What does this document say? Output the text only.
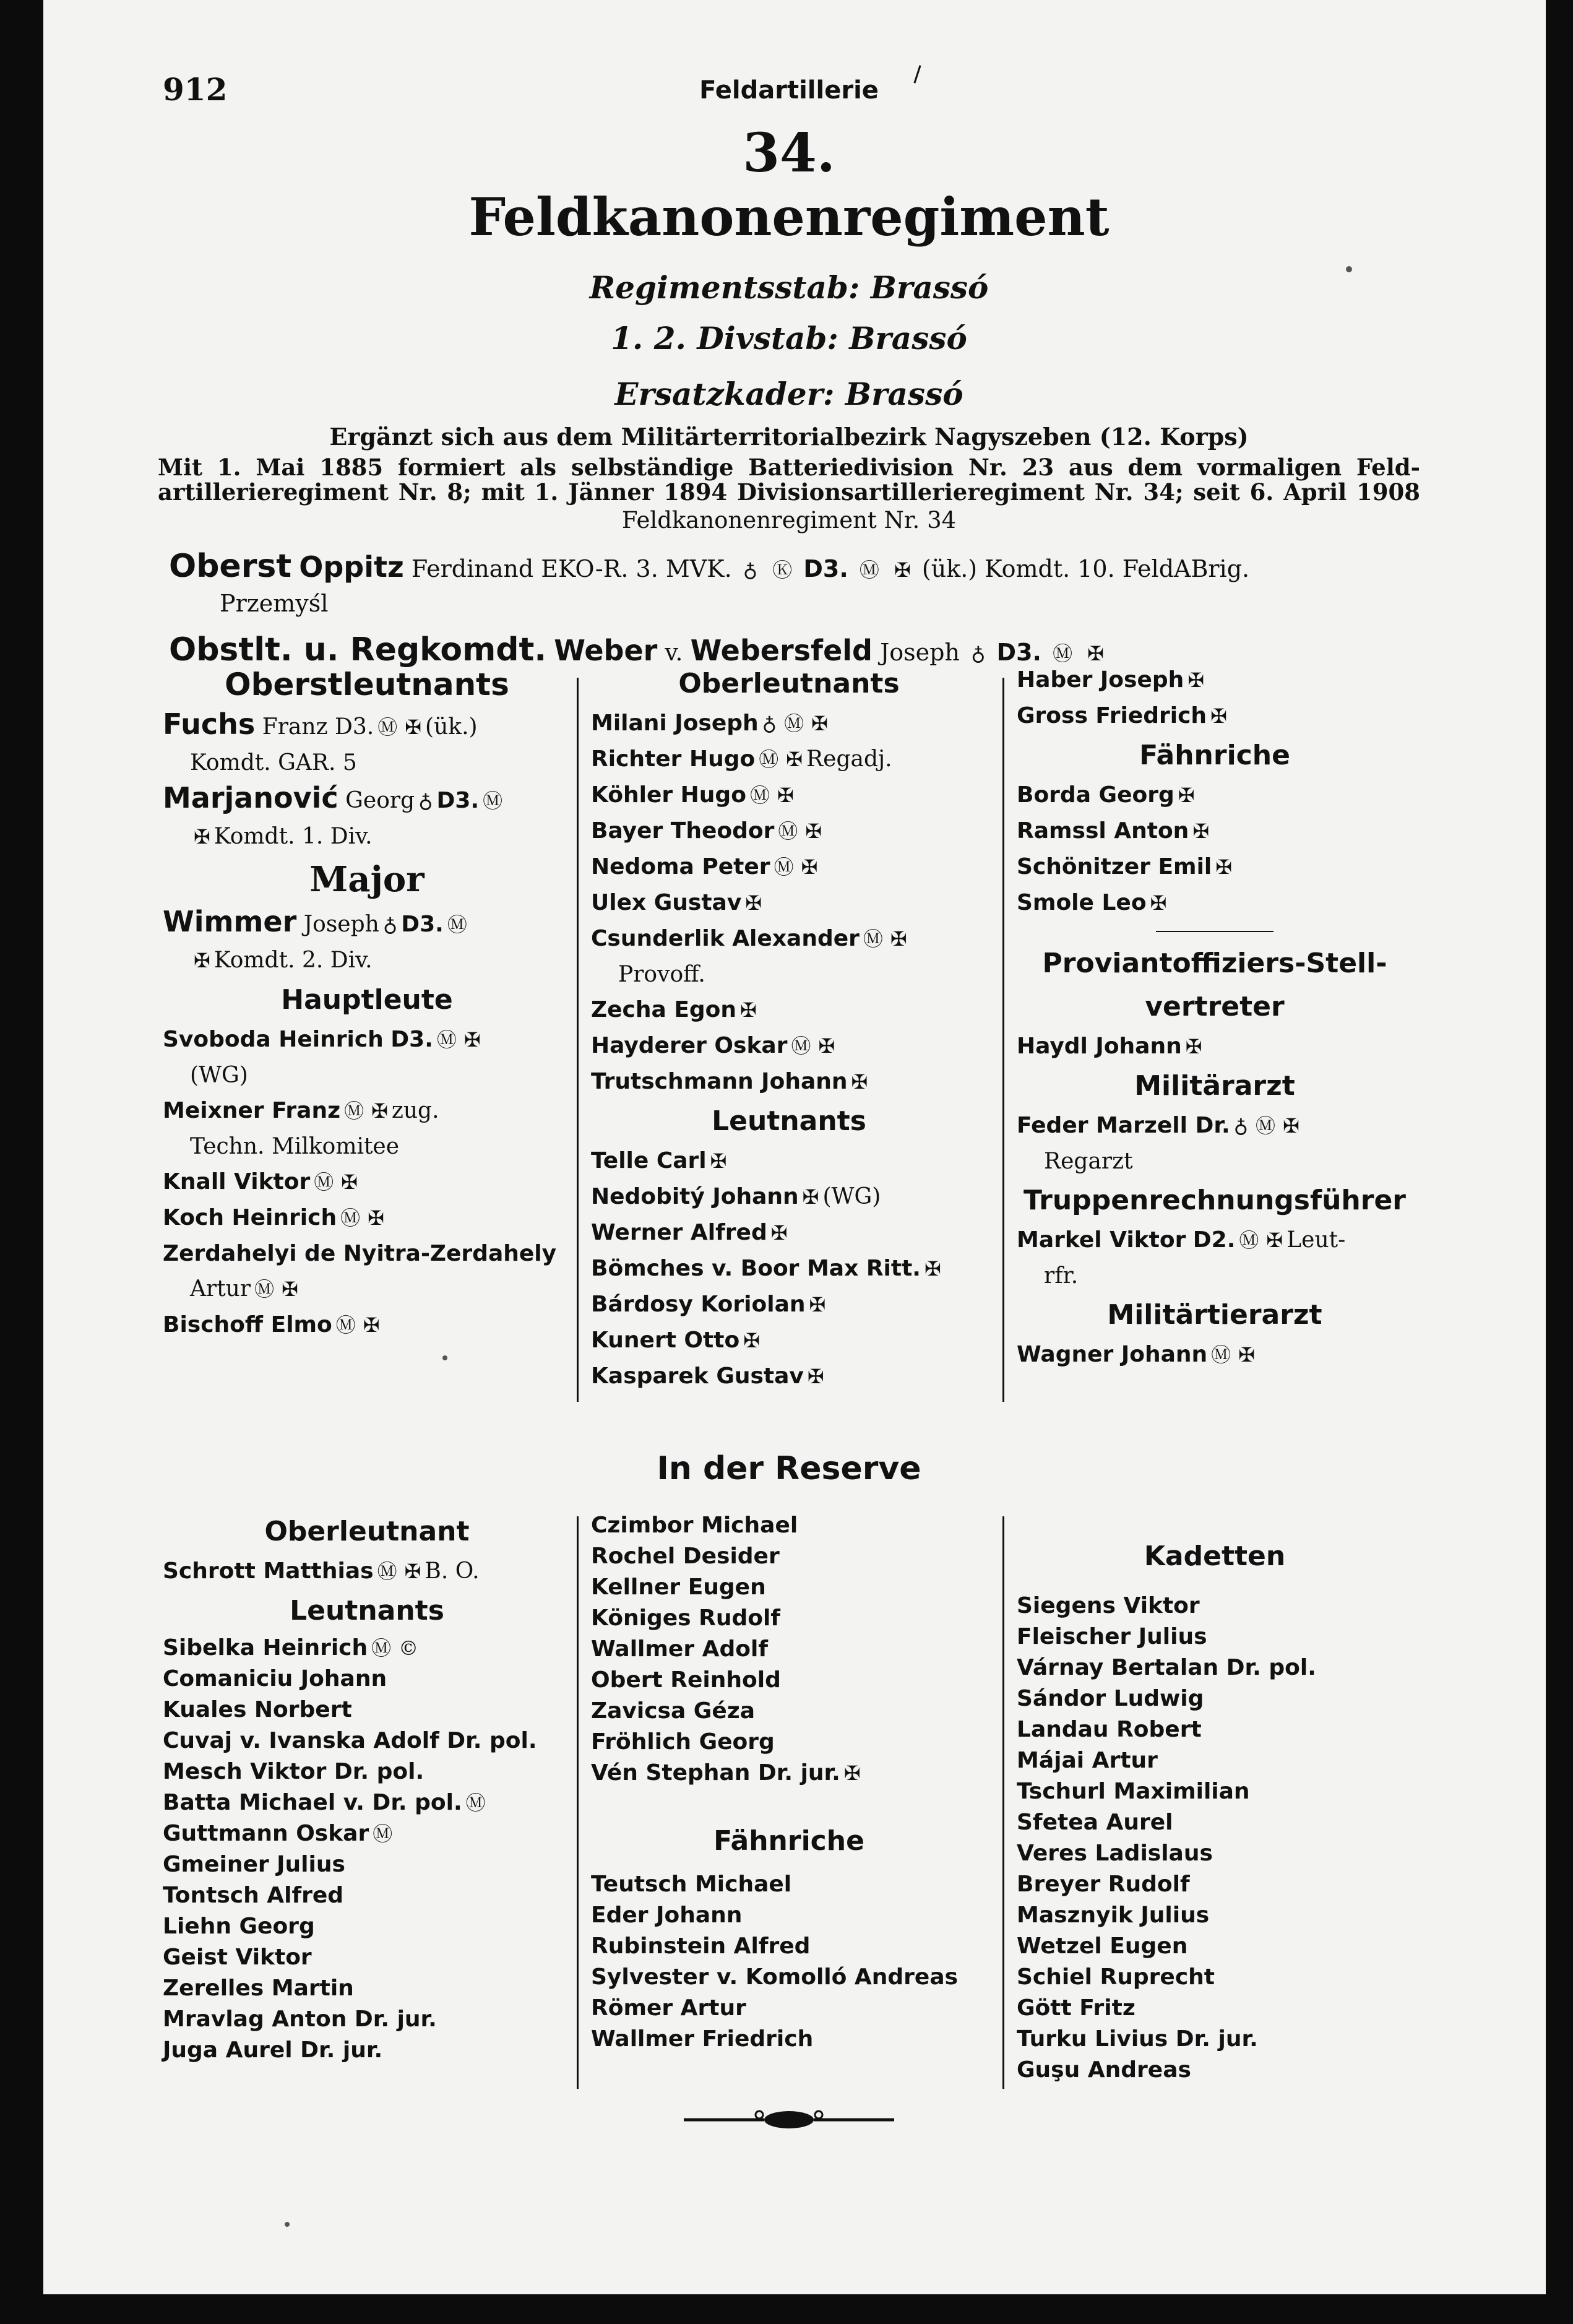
912	Feldartillerie
34.
Feldkanonenregiment
Regimentsstab: Brassó
1. 2. Divstab: Brassó
Ersatzkader: Brassó
Ergänzt sich aus dem Militärterritorialbezirk Nagyszeben (12. Korps)
Mit 1. Mai 1885 formiert als selbständige Batteriedivision Nr. 23 aus dem vormaligen Feld-
artillerieregiment Nr. 8; mit 1. Jänner 1894 Divisionsartillerieregiment Nr. 34; seit 6. April 1908
Feldkanonenregiment Nr. 34
Oberst Oppitz Ferdinand EKO-R. 3. MVK. ♁ Ⓚ D3. Ⓜ ✠ (ük.) Komdt. 10. FeldABrig.
Przemyśl
Obstlt. u. Regkomdt. Weber v. Webersfeld Joseph ♁ D3. Ⓜ ✠
Oberstleutnants
Fuchs Franz D3. Ⓜ ✠ (ük.)
Komdt. GAR. 5
Marjanović Georg ♁ D3. Ⓜ
✠ Komdt. 1. Div.
Major
Wimmer Joseph ♁ D3. Ⓜ
✠ Komdt. 2. Div.
Hauptleute
Svoboda Heinrich D3. Ⓜ ✠
(WG)
Meixner Franz Ⓜ ✠ zug.
Techn. Milkomitee
Knall Viktor Ⓜ ✠
Koch Heinrich Ⓜ ✠
Zerdahelyi de Nyitra-Zerdahely
Artur Ⓜ ✠
Bischoff Elmo Ⓜ ✠
Oberleutnants
Milani Joseph ♁ Ⓜ ✠
Richter Hugo Ⓜ ✠ Regadj.
Köhler Hugo Ⓜ ✠
Bayer Theodor Ⓜ ✠
Nedoma Peter Ⓜ ✠
Ulex Gustav ✠
Csunderlik Alexander Ⓜ ✠
Provoff.
Zecha Egon ✠
Hayderer Oskar Ⓜ ✠
Trutschmann Johann ✠
Leutnants
Telle Carl ✠
Nedobitý Johann ✠ (WG)
Werner Alfred ✠
Bömches v. Boor Max Ritt. ✠
Bárdosy Koriolan ✠
Kunert Otto ✠
Kasparek Gustav ✠
Haber Joseph ✠
Gross Friedrich ✠
Fähnriche
Borda Georg ✠
Ramssl Anton ✠
Schönitzer Emil ✠
Smole Leo ✠
Proviantoffiziers-Stell-
vertreter
Haydl Johann ✠
Militärarzt
Feder Marzell Dr. ♁ Ⓜ ✠
Regarzt
Truppenrechnungsführer
Markel Viktor D2. Ⓜ ✠ Leut-
rfr.
Militärtierarzt
Wagner Johann Ⓜ ✠
In der Reserve
Oberleutnant
Schrott Matthias Ⓜ ✠ B. O.
Leutnants
Sibelka Heinrich Ⓜ ©
Comaniciu Johann
Kuales Norbert
Cuvaj v. Ivanska Adolf Dr. pol.
Mesch Viktor Dr. pol.
Batta Michael v. Dr. pol. Ⓜ
Guttmann Oskar Ⓜ
Gmeiner Julius
Tontsch Alfred
Liehn Georg
Geist Viktor
Zerelles Martin
Mravlag Anton Dr. jur.
Juga Aurel Dr. jur.
Czimbor Michael
Rochel Desider
Kellner Eugen
Königes Rudolf
Wallmer Adolf
Obert Reinhold
Zavicsa Géza
Fröhlich Georg
Vén Stephan Dr. jur. ✠
Fähnriche
Teutsch Michael
Eder Johann
Rubinstein Alfred
Sylvester v. Komolló Andreas
Römer Artur
Wallmer Friedrich
Kadetten
Siegens Viktor
Fleischer Julius
Várnay Bertalan Dr. pol.
Sándor Ludwig
Landau Robert
Májai Artur
Tschurl Maximilian
Sfetea Aurel
Veres Ladislaus
Breyer Rudolf
Masznyik Julius
Wetzel Eugen
Schiel Ruprecht
Gött Fritz
Turku Livius Dr. jur.
Guşu Andreas
